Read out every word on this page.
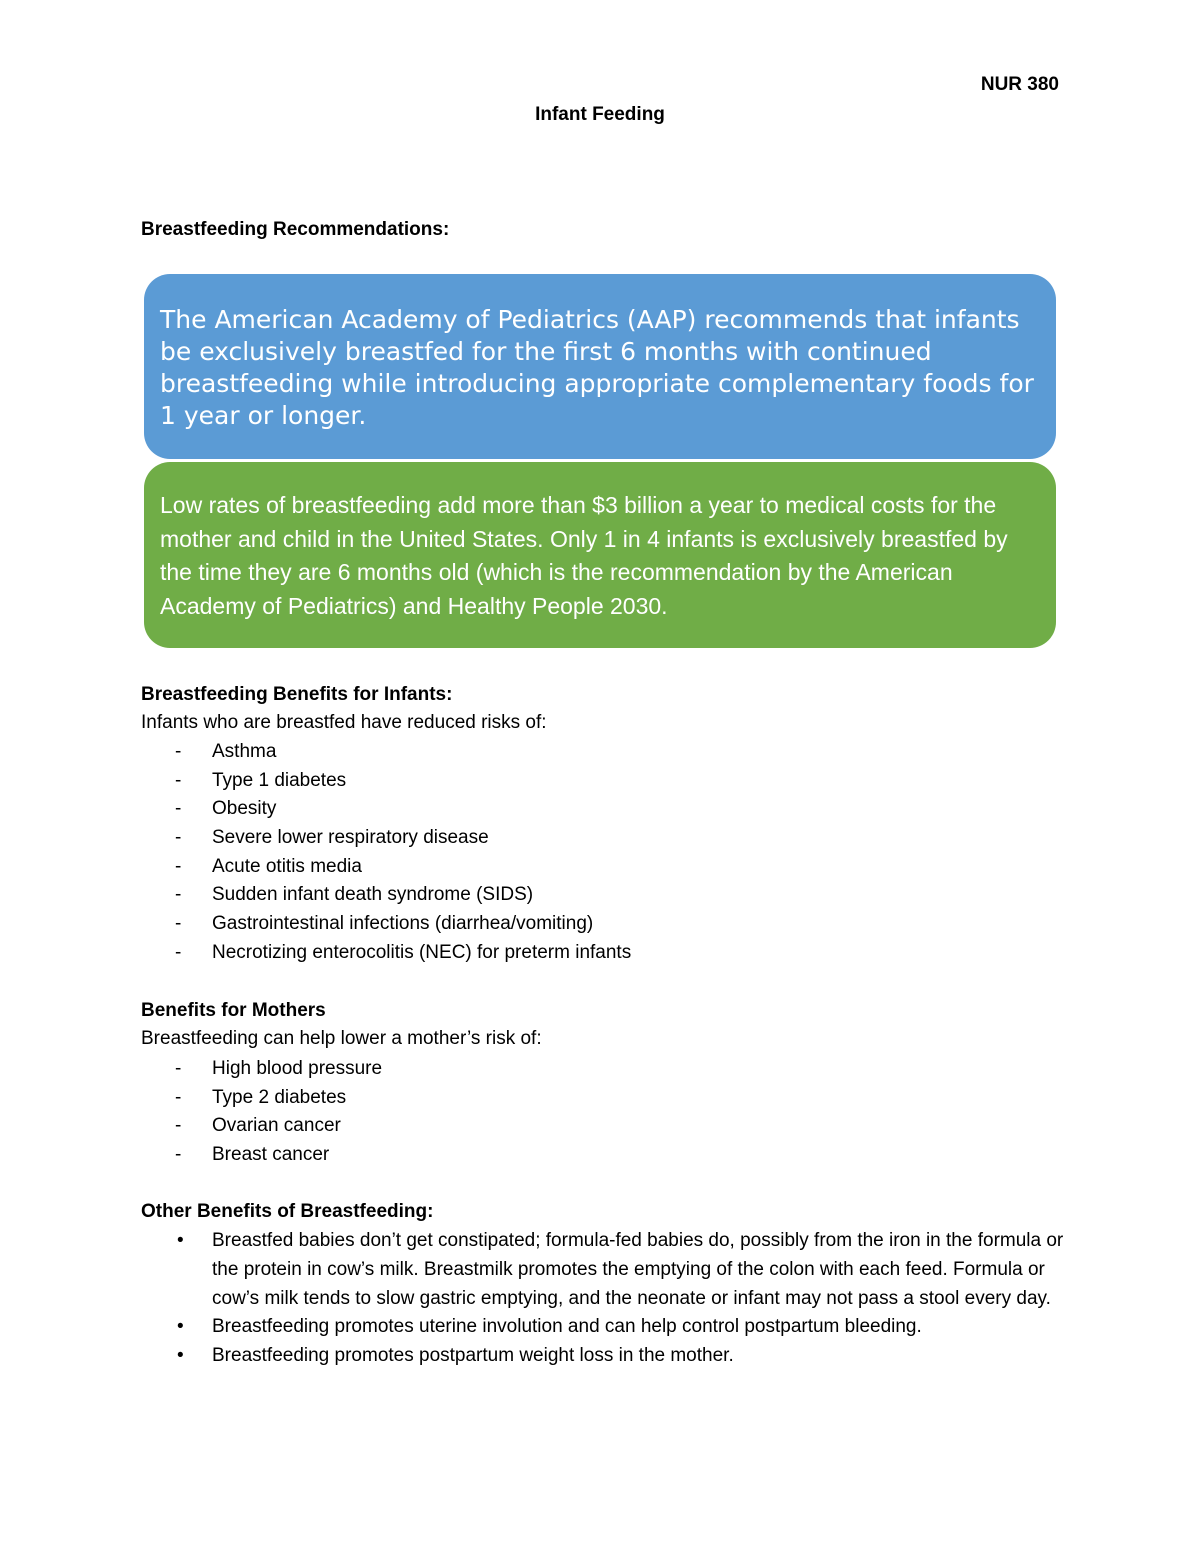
NUR 380
Infant Feeding
Breastfeeding Recommendations:
The American Academy of Pediatrics (AAP) recommends that infants be exclusively breastfed for the first 6 months with continued breastfeeding while introducing appropriate complementary foods for 1 year or longer.
Low rates of breastfeeding add more than $3 billion a year to medical costs for the mother and child in the United States. Only 1 in 4 infants is exclusively breastfed by the time they are 6 months old (which is the recommendation by the American Academy of Pediatrics) and Healthy People 2030.
Breastfeeding Benefits for Infants:
Infants who are breastfed have reduced risks of:
- Asthma
- Type 1 diabetes
- Obesity
- Severe lower respiratory disease
- Acute otitis media
- Sudden infant death syndrome (SIDS)
- Gastrointestinal infections (diarrhea/vomiting)
- Necrotizing enterocolitis (NEC) for preterm infants
Benefits for Mothers
Breastfeeding can help lower a mother’s risk of:
- High blood pressure
- Type 2 diabetes
- Ovarian cancer
- Breast cancer
Other Benefits of Breastfeeding:
• Breastfed babies don’t get constipated; formula-fed babies do, possibly from the iron in the formula or the protein in cow’s milk. Breastmilk promotes the emptying of the colon with each feed. Formula or cow’s milk tends to slow gastric emptying, and the neonate or infant may not pass a stool every day.
• Breastfeeding promotes uterine involution and can help control postpartum bleeding.
• Breastfeeding promotes postpartum weight loss in the mother.
